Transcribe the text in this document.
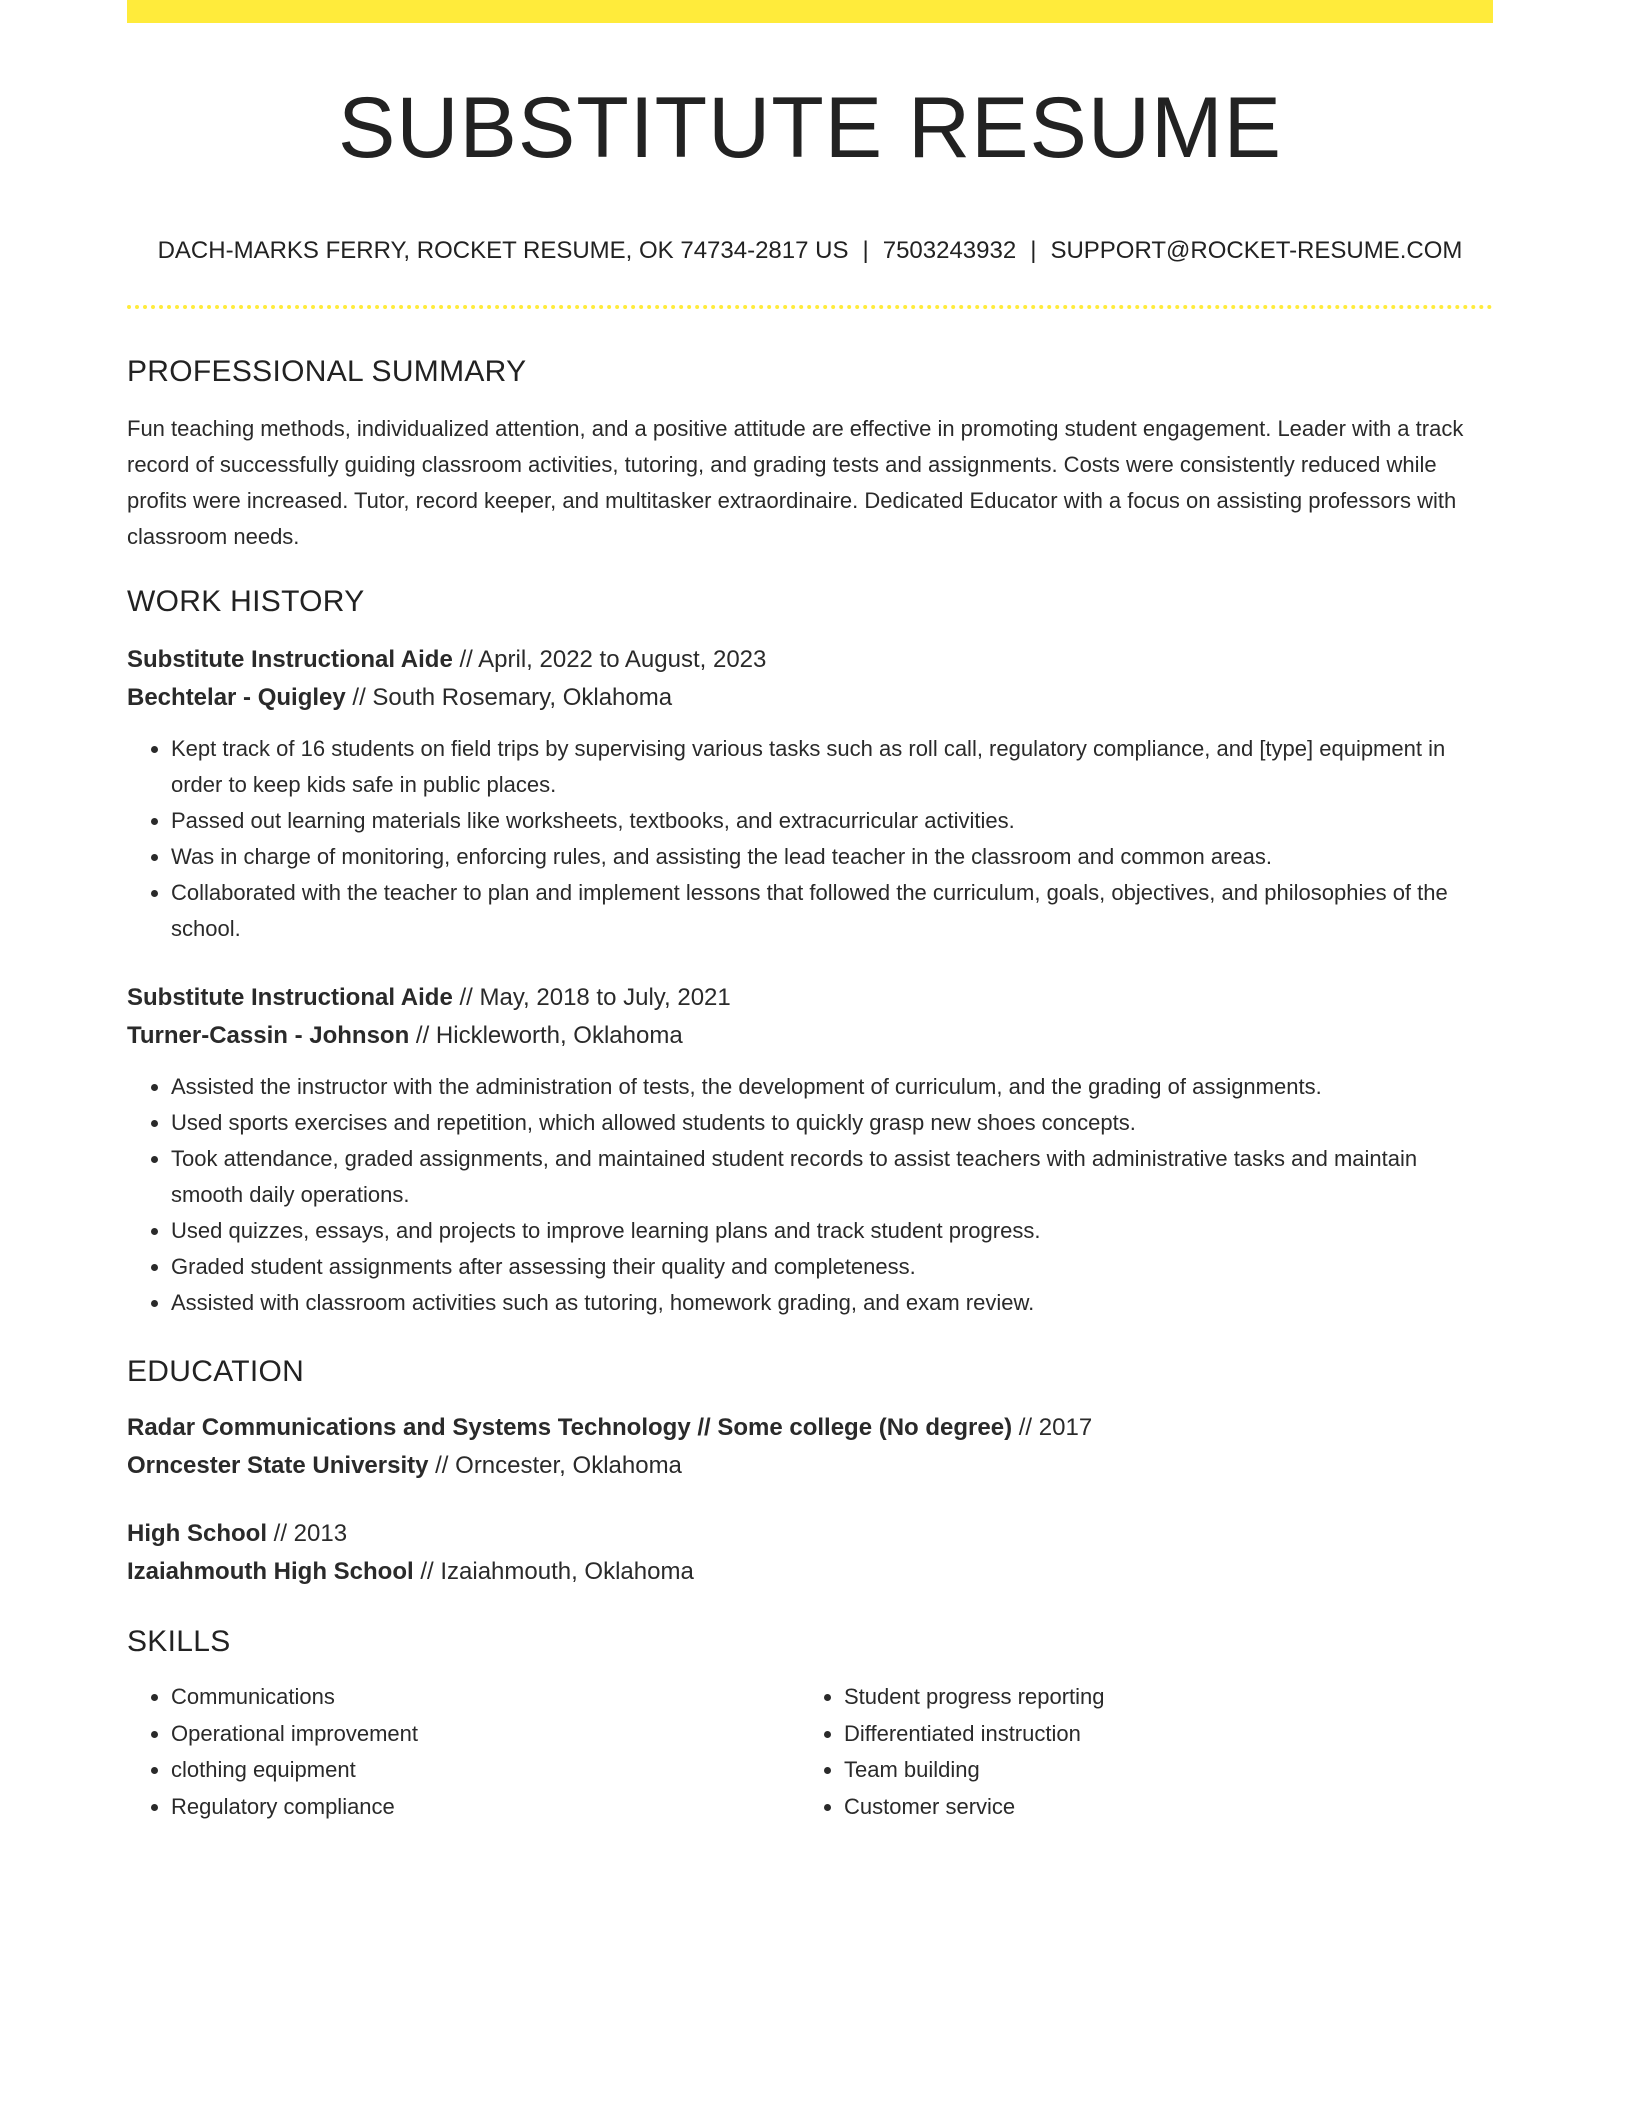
SUBSTITUTE RESUME
DACH-MARKS FERRY, ROCKET RESUME, OK 74734-2817 US | 7503243932 | SUPPORT@ROCKET-RESUME.COM
PROFESSIONAL SUMMARY
Fun teaching methods, individualized attention, and a positive attitude are effective in promoting student engagement. Leader with a track record of successfully guiding classroom activities, tutoring, and grading tests and assignments. Costs were consistently reduced while profits were increased. Tutor, record keeper, and multitasker extraordinaire. Dedicated Educator with a focus on assisting professors with classroom needs.
WORK HISTORY
Substitute Instructional Aide // April, 2022 to August, 2023
Bechtelar - Quigley // South Rosemary, Oklahoma
• Kept track of 16 students on field trips by supervising various tasks such as roll call, regulatory compliance, and [type] equipment in order to keep kids safe in public places.
• Passed out learning materials like worksheets, textbooks, and extracurricular activities.
• Was in charge of monitoring, enforcing rules, and assisting the lead teacher in the classroom and common areas.
• Collaborated with the teacher to plan and implement lessons that followed the curriculum, goals, objectives, and philosophies of the school.
Substitute Instructional Aide // May, 2018 to July, 2021
Turner-Cassin - Johnson // Hickleworth, Oklahoma
• Assisted the instructor with the administration of tests, the development of curriculum, and the grading of assignments.
• Used sports exercises and repetition, which allowed students to quickly grasp new shoes concepts.
• Took attendance, graded assignments, and maintained student records to assist teachers with administrative tasks and maintain smooth daily operations.
• Used quizzes, essays, and projects to improve learning plans and track student progress.
• Graded student assignments after assessing their quality and completeness.
• Assisted with classroom activities such as tutoring, homework grading, and exam review.
EDUCATION
Radar Communications and Systems Technology // Some college (No degree) // 2017
Orncester State University // Orncester, Oklahoma
High School // 2013
Izaiahmouth High School // Izaiahmouth, Oklahoma
SKILLS
• Communications
• Operational improvement
• clothing equipment
• Regulatory compliance
• Student progress reporting
• Differentiated instruction
• Team building
• Customer service
